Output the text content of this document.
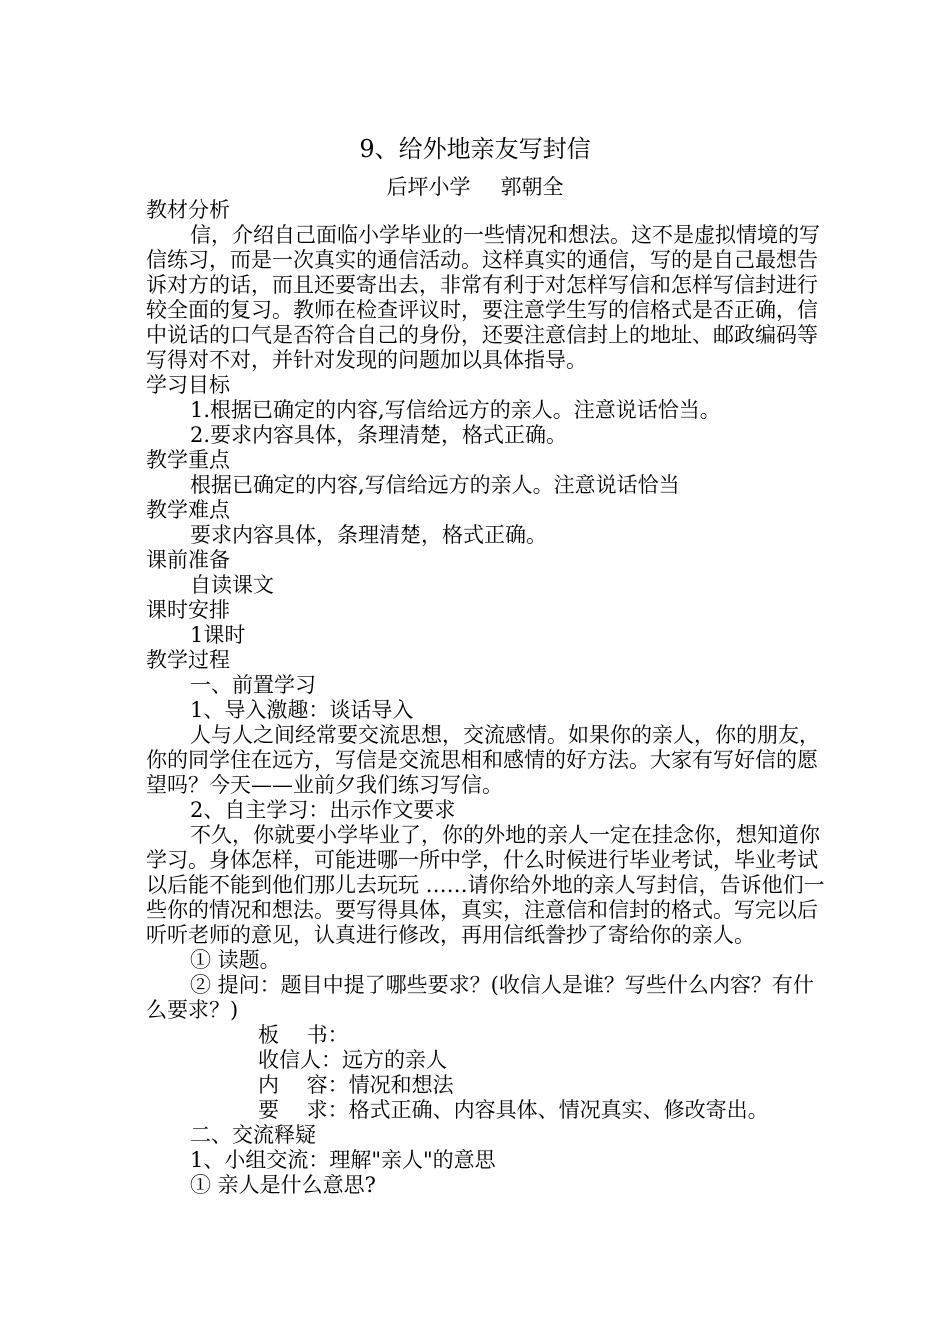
9、给外地亲友写封信
后坪小学 郭朝全

教材分析

信，介绍自己面临小学毕业的一些情况和想法。这不是虚拟情境的写信练习，而是一次真实的通信活动。这样真实的通信，写的是自己最想告诉对方的话，而且还要寄出去，非常有利于对怎样写信和怎样写信封进行较全面的复习。教师在检查评议时，要注意学生写的信格式是否正确，信中说话的口气是否符合自己的身份，还要注意信封上的地址、邮政编码等写得对不对，并针对发现的问题加以具体指导。

学习目标

1.根据已确定的内容,写信给远方的亲人。注意说话恰当。

2.要求内容具体，条理清楚，格式正确。

教学重点

根据已确定的内容,写信给远方的亲人。注意说话恰当

教学难点

要求内容具体，条理清楚，格式正确。

课前准备

自读课文

课时安排

1课时

教学过程

一、前置学习

1、导入激趣：谈话导入

人与人之间经常要交流思想，交流感情。如果你的亲人，你的朋友，你的同学住在远方，写信是交流思相和感情的好方法。大家有写好信的愿望吗？今天——业前夕我们练习写信。

2、自主学习：出示作文要求

不久，你就要小学毕业了，你的外地的亲人一定在挂念你，想知道你学习。身体怎样，可能进哪一所中学，什么时候进行毕业考试，毕业考试以后能不能到他们那儿去玩玩 ……请你给外地的亲人写封信，告诉他们一些你的情况和想法。要写得具体，真实，注意信和信封的格式。写完以后听听老师的意见，认真进行修改，再用信纸誊抄了寄给你的亲人。

① 读题。

② 提问：题目中提了哪些要求？(收信人是谁？写些什么内容？有什么要求？)

板　 书：

收信人：远方的亲人

内　 容：情况和想法

要　 求：格式正确、内容具体、情况真实、修改寄出。

二、交流释疑

1、小组交流：理解"亲人"的意思

① 亲人是什么意思?
